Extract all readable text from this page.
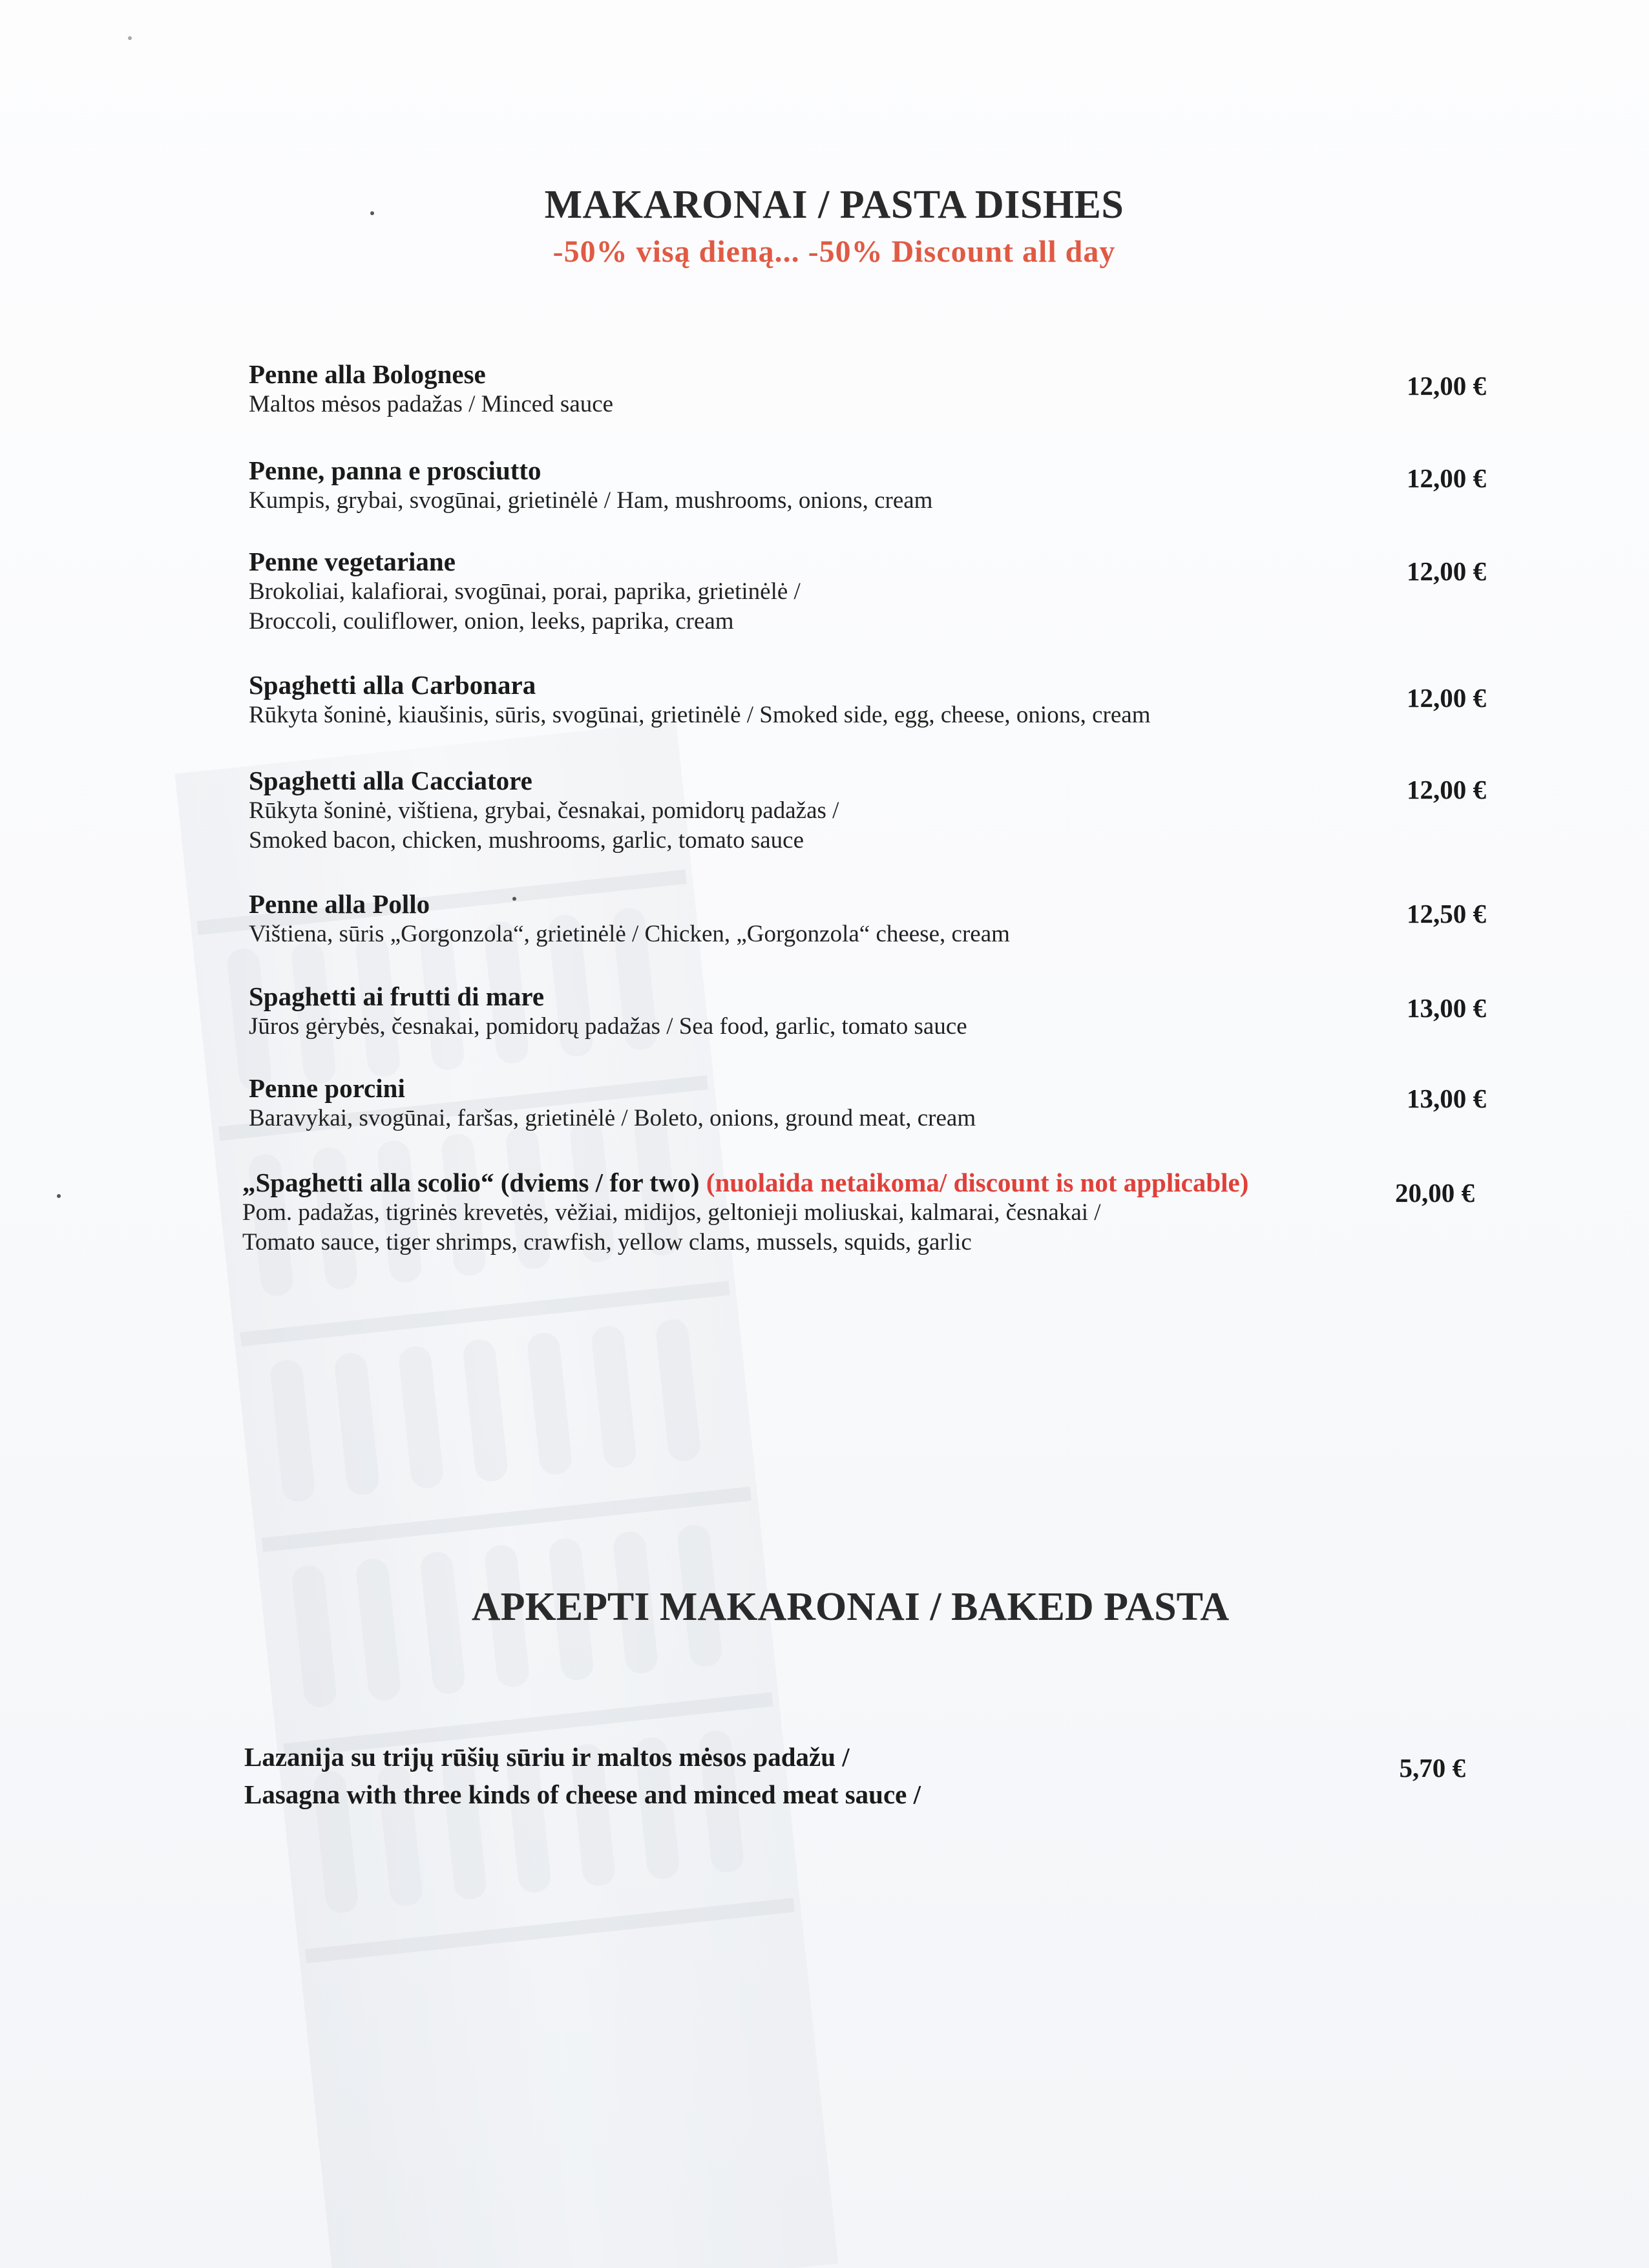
MAKARONAI / PASTA DISHES
-50% visą dieną... -50% Discount all day
Penne alla Bolognese
Maltos mėsos padažas / Minced sauce
12,00 €
Penne, panna e prosciutto
Kumpis, grybai, svogūnai, grietinėlė / Ham, mushrooms, onions, cream
12,00 €
Penne vegetariane
Brokoliai, kalafiorai, svogūnai, porai, paprika, grietinėlė /
Broccoli, couliflower, onion, leeks, paprika, cream
12,00 €
Spaghetti alla Carbonara
Rūkyta šoninė, kiaušinis, sūris, svogūnai, grietinėlė / Smoked side, egg, cheese, onions, cream
12,00 €
Spaghetti alla Cacciatore
Rūkyta šoninė, vištiena, grybai, česnakai, pomidorų padažas /
Smoked bacon, chicken, mushrooms, garlic, tomato sauce
12,00 €
Penne alla Pollo
Vištiena, sūris „Gorgonzola“, grietinėlė / Chicken, „Gorgonzola“ cheese, cream
12,50 €
Spaghetti ai frutti di mare
Jūros gėrybės, česnakai, pomidorų padažas / Sea food, garlic, tomato sauce
13,00 €
Penne porcini
Baravykai, svogūnai, faršas, grietinėlė / Boleto, onions, ground meat, cream
13,00 €
„Spaghetti alla scolio“ (dviems / for two) (nuolaida netaikoma/ discount is not applicable)
Pom. padažas, tigrinės krevetės, vėžiai, midijos, geltonieji moliuskai, kalmarai, česnakai /
Tomato sauce, tiger shrimps, crawfish, yellow clams, mussels, squids, garlic
20,00 €
APKEPTI MAKARONAI / BAKED PASTA
Lazanija su trijų rūšių sūriu ir maltos mėsos padažu /
Lasagna with three kinds of cheese and minced meat sauce /
5,70 €
